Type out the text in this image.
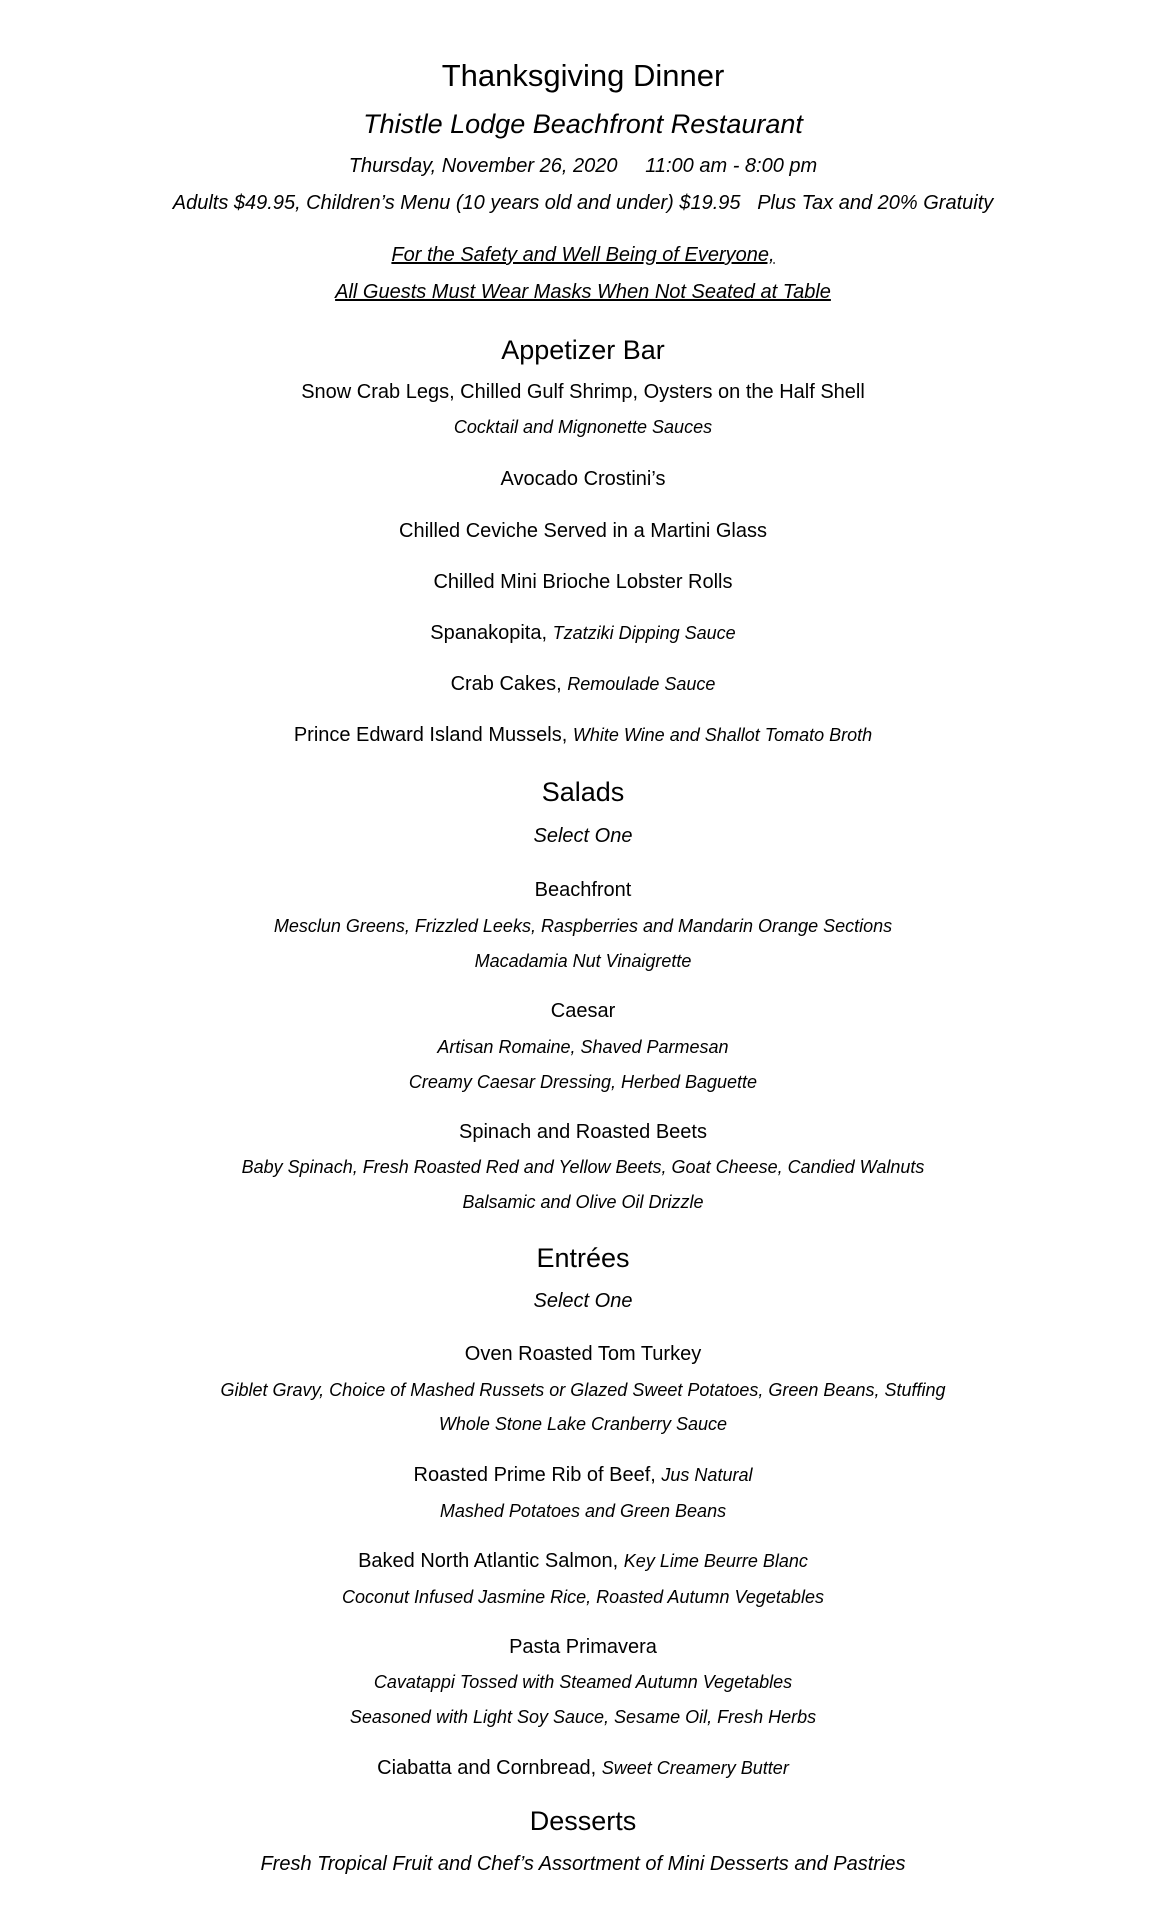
Thanksgiving Dinner
Thistle Lodge Beachfront Restaurant
Thursday, November 26, 2020     11:00 am - 8:00 pm
Adults $49.95, Children’s Menu (10 years old and under) $19.95   Plus Tax and 20% Gratuity
For the Safety and Well Being of Everyone,
All Guests Must Wear Masks When Not Seated at Table
Appetizer Bar
Snow Crab Legs, Chilled Gulf Shrimp, Oysters on the Half Shell
Cocktail and Mignonette Sauces
Avocado Crostini’s
Chilled Ceviche Served in a Martini Glass
Chilled Mini Brioche Lobster Rolls
Spanakopita, Tzatziki Dipping Sauce
Crab Cakes, Remoulade Sauce
Prince Edward Island Mussels, White Wine and Shallot Tomato Broth
Salads
Select One
Beachfront
Mesclun Greens, Frizzled Leeks, Raspberries and Mandarin Orange Sections
Macadamia Nut Vinaigrette
Caesar
Artisan Romaine, Shaved Parmesan
Creamy Caesar Dressing, Herbed Baguette
Spinach and Roasted Beets
Baby Spinach, Fresh Roasted Red and Yellow Beets, Goat Cheese, Candied Walnuts
Balsamic and Olive Oil Drizzle
Entrées
Select One
Oven Roasted Tom Turkey
Giblet Gravy, Choice of Mashed Russets or Glazed Sweet Potatoes, Green Beans, Stuffing
Whole Stone Lake Cranberry Sauce
Roasted Prime Rib of Beef, Jus Natural
Mashed Potatoes and Green Beans
Baked North Atlantic Salmon, Key Lime Beurre Blanc
Coconut Infused Jasmine Rice, Roasted Autumn Vegetables
Pasta Primavera
Cavatappi Tossed with Steamed Autumn Vegetables
Seasoned with Light Soy Sauce, Sesame Oil, Fresh Herbs
Ciabatta and Cornbread, Sweet Creamery Butter
Desserts
Fresh Tropical Fruit and Chef’s Assortment of Mini Desserts and Pastries
